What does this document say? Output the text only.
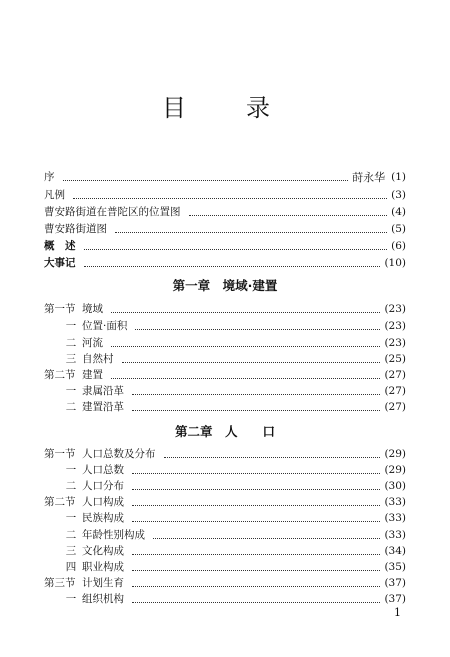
目　录
序	莳永华 (1)
凡例	(3)
曹安路街道在普陀区的位置图	(4)
曹安路街道图	(5)
概　述	(6)
大事记	(10)
第一章　境域·建置
第一节 境域	(23)
一 位置·面积	(23)
二 河流	(23)
三 自然村	(25)
第二节 建置	(27)
一 隶属沿革	(27)
二 建置沿革	(27)
第二章　人　　口
第一节 人口总数及分布	(29)
一 人口总数	(29)
二 人口分布	(30)
第二节 人口构成	(33)
一 民族构成	(33)
二 年龄性别构成	(33)
三 文化构成	(34)
四 职业构成	(35)
第三节 计划生育	(37)
一 组织机构	(37)
1
